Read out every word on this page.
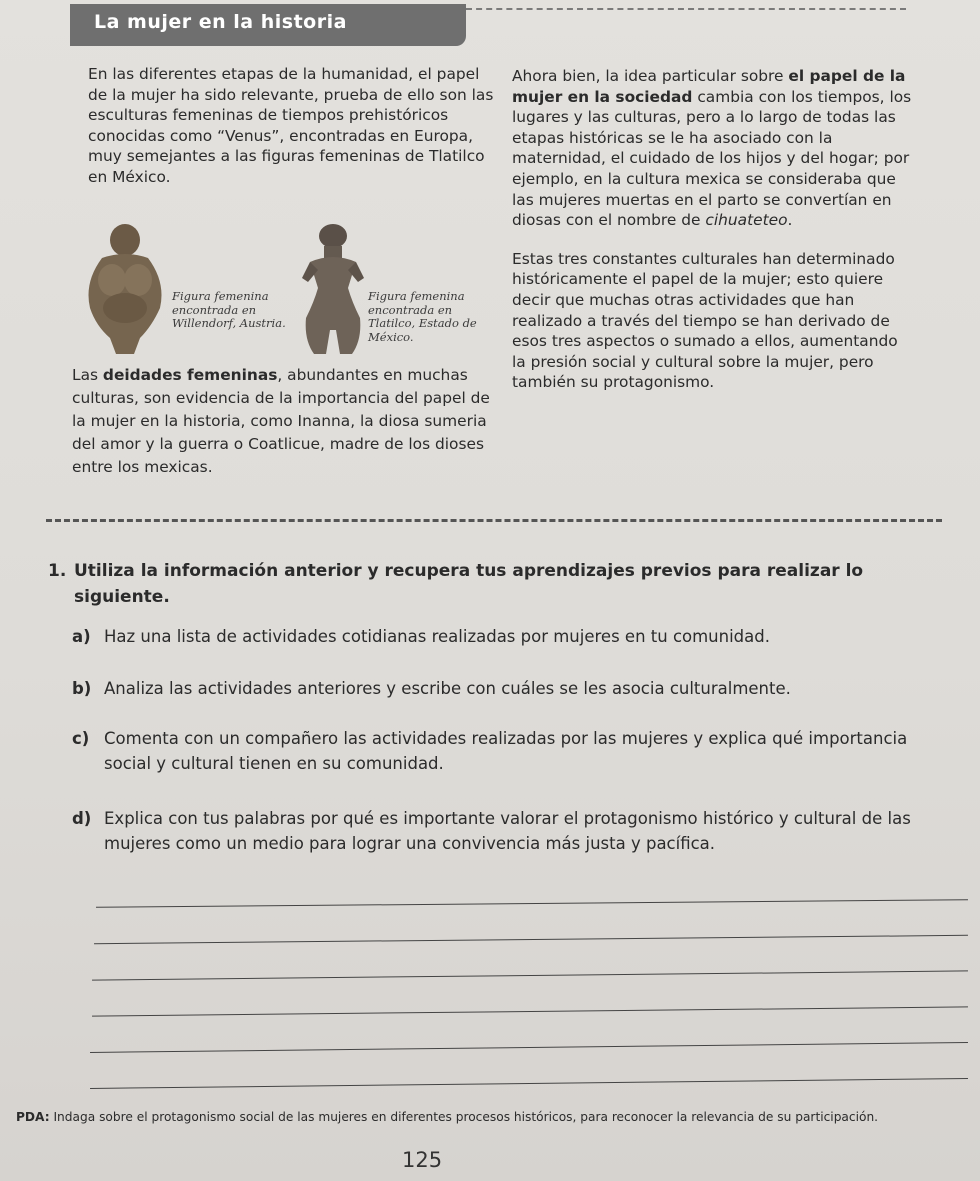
La mujer en la historia

En las diferentes etapas de la humanidad, el papel de la mujer ha sido relevante, prueba de ello son las esculturas femeninas de tiempos prehistóricos conocidas como “Venus”, encontradas en Europa, muy semejantes a las figuras femeninas de Tlatilco en México.

Figura femenina encontrada en Willendorf, Austria.
Figura femenina encontrada en Tlatilco, Estado de México.

Las deidades femeninas, abundantes en muchas culturas, son evidencia de la importancia del papel de la mujer en la historia, como Inanna, la diosa sumeria del amor y la guerra o Coatlicue, madre de los dioses entre los mexicas.

Ahora bien, la idea particular sobre el papel de la mujer en la sociedad cambia con los tiempos, los lugares y las culturas, pero a lo largo de todas las etapas históricas se le ha asociado con la maternidad, el cuidado de los hijos y del hogar; por ejemplo, en la cultura mexica se consideraba que las mujeres muertas en el parto se convertían en diosas con el nombre de cihuateteo.

Estas tres constantes culturales han determinado históricamente el papel de la mujer; esto quiere decir que muchas otras actividades que han realizado a través del tiempo se han derivado de esos tres aspectos o sumado a ellos, aumentando la presión social y cultural sobre la mujer, pero también su protagonismo.

1. Utiliza la información anterior y recupera tus aprendizajes previos para realizar lo siguiente.
a) Haz una lista de actividades cotidianas realizadas por mujeres en tu comunidad.
b) Analiza las actividades anteriores y escribe con cuáles se les asocia culturalmente.
c) Comenta con un compañero las actividades realizadas por las mujeres y explica qué importancia social y cultural tienen en su comunidad.
d) Explica con tus palabras por qué es importante valorar el protagonismo histórico y cultural de las mujeres como un medio para lograr una convivencia más justa y pacífica.
PDA: Indaga sobre el protagonismo social de las mujeres en diferentes procesos históricos, para reconocer la relevancia de su participación.
125
